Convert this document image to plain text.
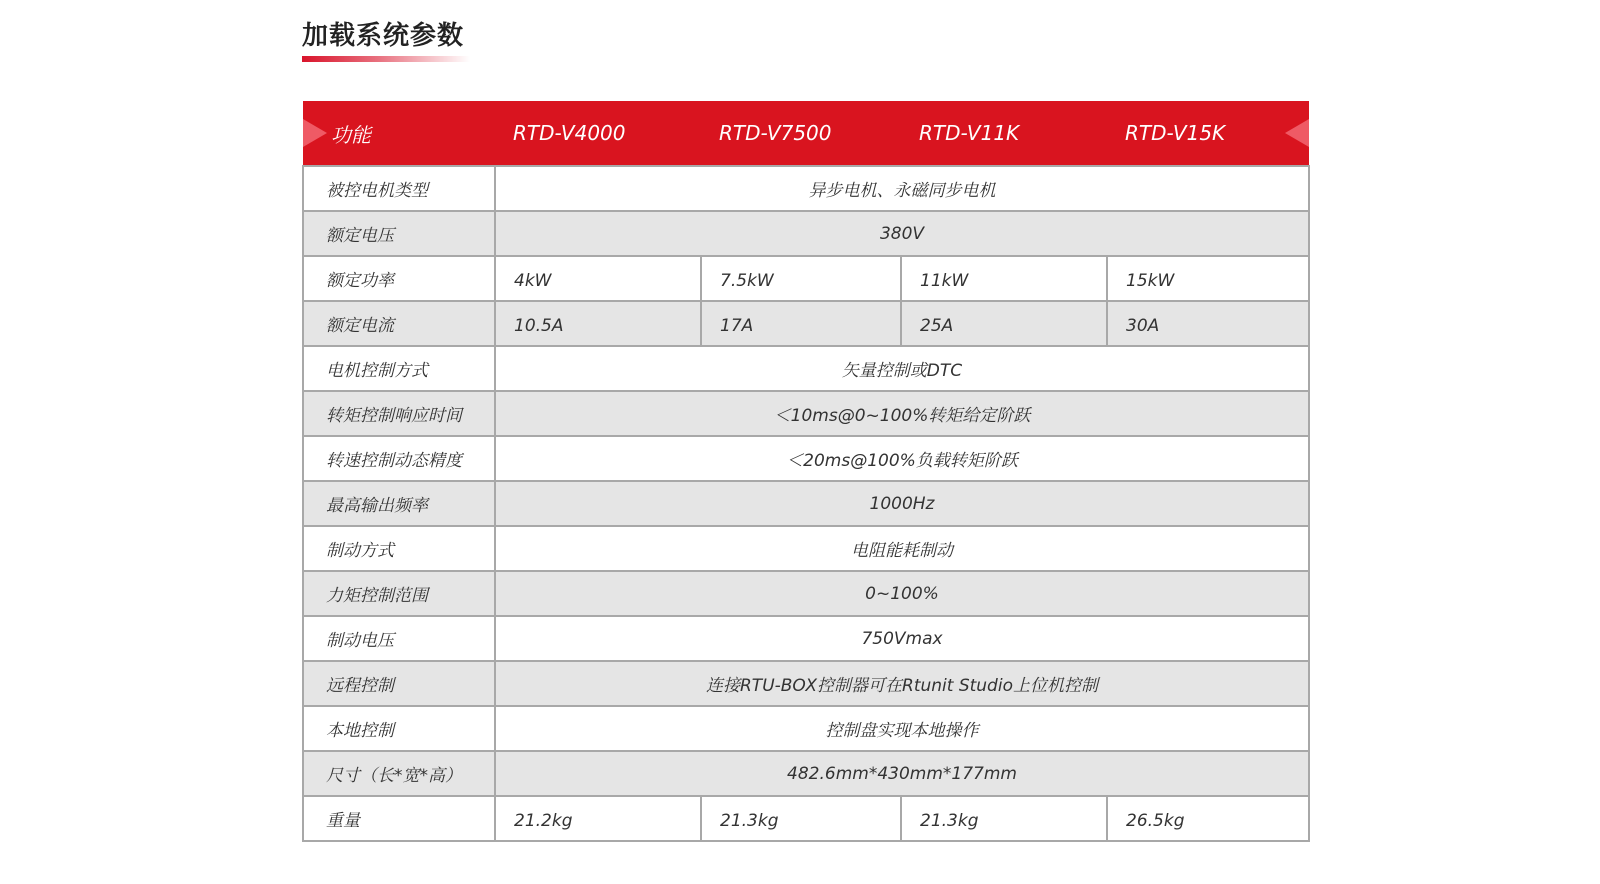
加载系统参数
功能	RTD-V4000	RTD-V7500	RTD-V11K	RTD-V15K

被控电机类型	异步电机、永磁同步电机			
额定电压	380V			
额定功率	4kW	7.5kW	11kW	15kW
额定电流	10.5A	17A	25A	30A
电机控制方式	矢量控制或DTC			
转矩控制响应时间	＜10ms@0~100%转矩给定阶跃			
转速控制动态精度	＜20ms@100%负载转矩阶跃			
最高输出频率	1000Hz			
制动方式	电阻能耗制动			
力矩控制范围	0~100%			
制动电压	750Vmax			
远程控制	连接RTU-BOX控制器可在Rtunit Studio上位机控制			
本地控制	控制盘实现本地操作			
尺寸（长*宽*高）	482.6mm*430mm*177mm			
重量	21.2kg	21.3kg	21.3kg	26.5kg
